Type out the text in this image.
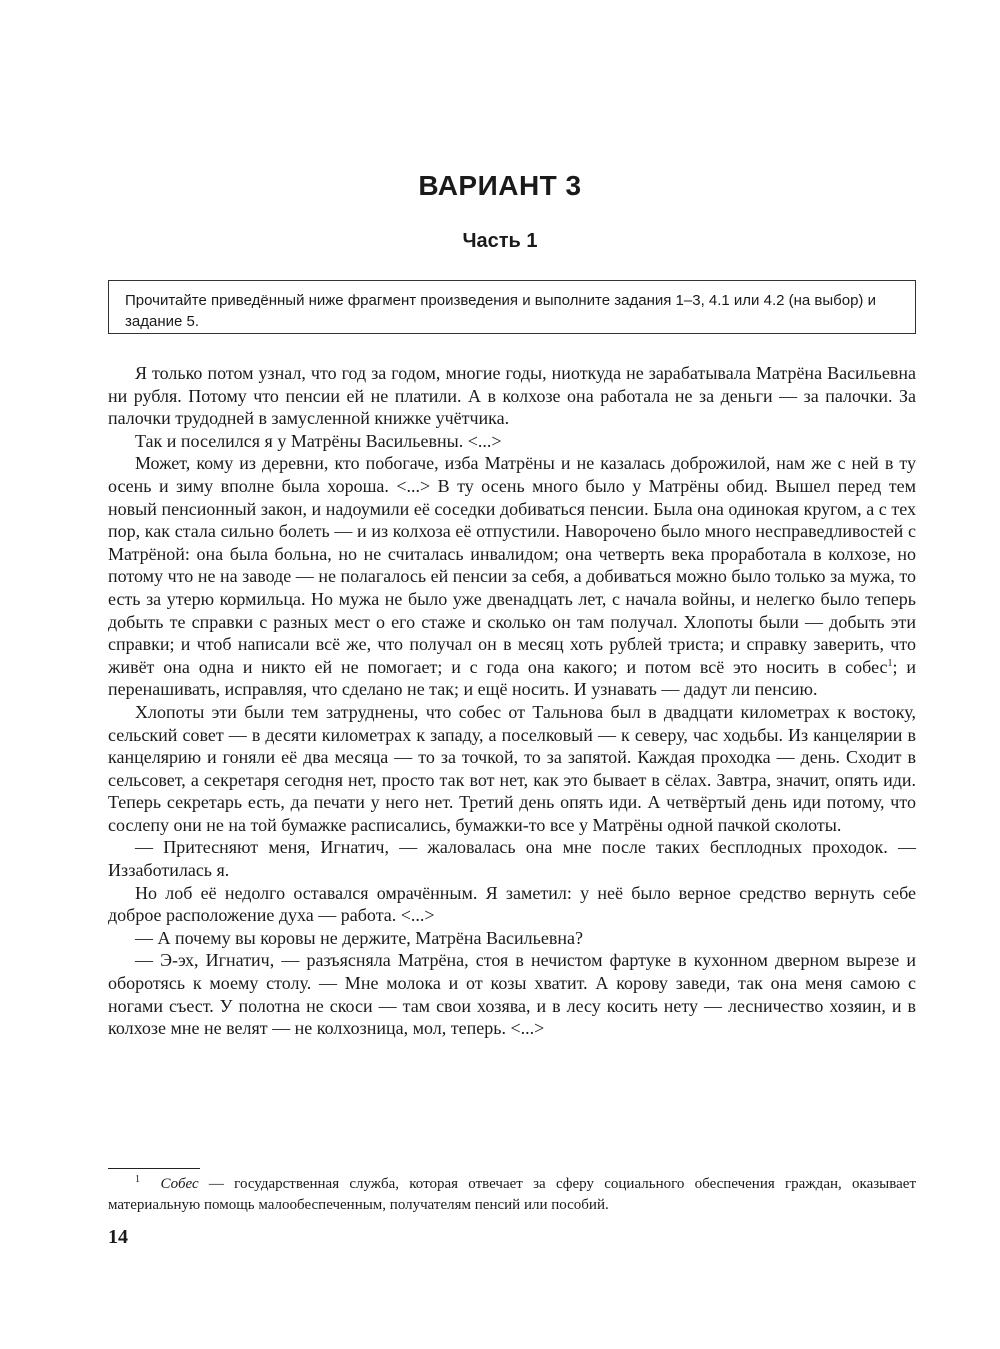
ВАРИАНТ 3
Часть 1
Прочитайте приведённый ниже фрагмент произведения и выполните задания 1–3, 4.1 или 4.2 (на выбор) и задание 5.

Я только потом узнал, что год за годом, многие годы, ниоткуда не зарабатывала Матрёна Васильевна ни рубля. Потому что пенсии ей не платили. А в колхозе она работала не за деньги — за палочки. За палочки трудодней в замусленной книжке учётчика.

Так и поселился я у Матрёны Васильевны. <...>

Может, кому из деревни, кто побогаче, изба Матрёны и не казалась доброжилой, нам же с ней в ту осень и зиму вполне была хороша. <...> В ту осень много было у Матрёны обид. Вышел перед тем новый пенсионный закон, и надоумили её соседки добиваться пенсии. Была она одинокая кругом, а с тех пор, как стала сильно болеть — и из колхоза её отпустили. Наворочено было много несправедливостей с Матрёной: она была больна, но не считалась инвалидом; она четверть века проработала в колхозе, но потому что не на заводе — не полагалось ей пенсии за себя, а добиваться можно было только за мужа, то есть за утерю кормильца. Но мужа не было уже двенадцать лет, с начала войны, и нелегко было теперь добыть те справки с разных мест о его стаже и сколько он там получал. Хлопоты были — добыть эти справки; и чтоб написали всё же, что получал он в месяц хоть рублей триста; и справку заверить, что живёт она одна и никто ей не помогает; и с года она какого; и потом всё это носить в собес$^1$; и перенашивать, исправляя, что сделано не так; и ещё носить. И узнавать — дадут ли пенсию.

Хлопоты эти были тем затруднены, что собес от Тальнова был в двадцати километрах к востоку, сельский совет — в десяти километрах к западу, а поселковый — к северу, час ходьбы. Из канцелярии в канцелярию и гоняли её два месяца — то за точкой, то за запятой. Каждая проходка — день. Сходит в сельсовет, а секретаря сегодня нет, просто так вот нет, как это бывает в сёлах. Завтра, значит, опять иди. Теперь секретарь есть, да печати у него нет. Третий день опять иди. А четвёртый день иди потому, что сослепу они не на той бумажке расписались, бумажки-то все у Матрёны одной пачкой сколоты.

— Притесняют меня, Игнатич, — жаловалась она мне после таких бесплодных проходок. — Иззаботилась я.

Но лоб её недолго оставался омрачённым. Я заметил: у неё было верное средство вернуть себе доброе расположение духа — работа. <...>

— А почему вы коровы не держите, Матрёна Васильевна?

— Э-эх, Игнатич, — разъясняла Матрёна, стоя в нечистом фартуке в кухонном дверном вырезе и оборотясь к моему столу. — Мне молока и от козы хватит. А корову заведи, так она меня самою с ногами съест. У полотна не скоси — там свои хозява, и в лесу косить нету — лесничество хозяин, и в колхозе мне не велят — не колхозница, мол, теперь. <...>

$^1$ Собес — государственная служба, которая отвечает за сферу социального обеспечения граждан, оказывает материальную помощь малообеспеченным, получателям пенсий или пособий.
14
